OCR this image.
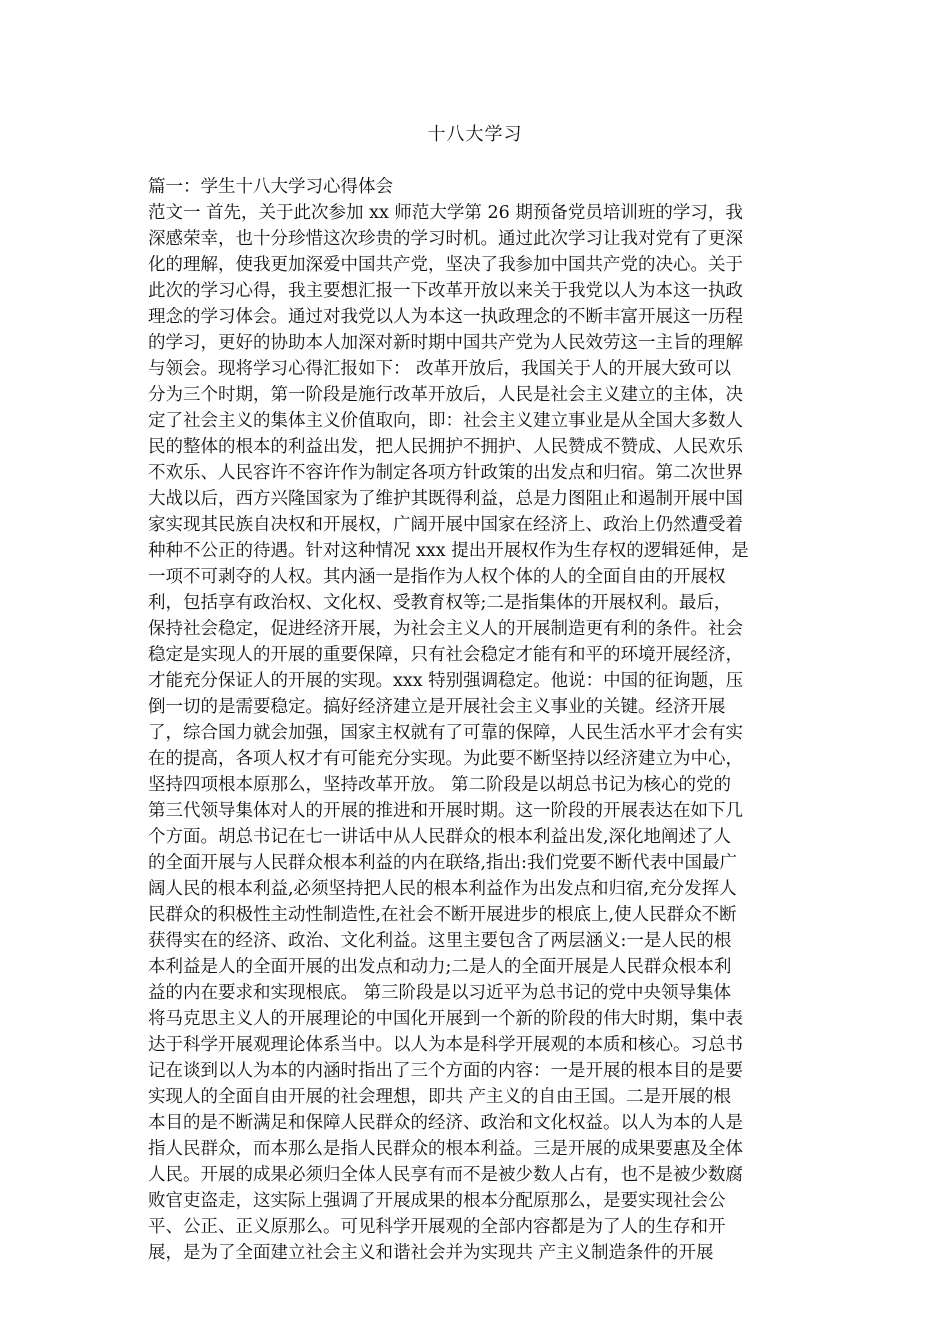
十八大学习
篇一：学生十八大学习心得体会
范文一 首先，关于此次参加 xx 师范大学第 26 期预备党员培训班的学习，我
深感荣幸，也十分珍惜这次珍贵的学习时机。通过此次学习让我对党有了更深
化的理解，使我更加深爱中国共产党，坚决了我参加中国共产党的决心。关于
此次的学习心得，我主要想汇报一下改革开放以来关于我党以人为本这一执政
理念的学习体会。通过对我党以人为本这一执政理念的不断丰富开展这一历程
的学习，更好的协助本人加深对新时期中国共产党为人民效劳这一主旨的理解
与领会。现将学习心得汇报如下： 改革开放后，我国关于人的开展大致可以
分为三个时期，第一阶段是施行改革开放后，人民是社会主义建立的主体，决
定了社会主义的集体主义价值取向，即：社会主义建立事业是从全国大多数人
民的整体的根本的利益出发，把人民拥护不拥护、人民赞成不赞成、人民欢乐
不欢乐、人民容许不容许作为制定各项方针政策的出发点和归宿。第二次世界
大战以后，西方兴隆国家为了维护其既得利益，总是力图阻止和遏制开展中国
家实现其民族自决权和开展权，广阔开展中国家在经济上、政治上仍然遭受着
种种不公正的待遇。针对这种情况 xxx 提出开展权作为生存权的逻辑延伸，是
一项不可剥夺的人权。其内涵一是指作为人权个体的人的全面自由的开展权
利，包括享有政治权、文化权、受教育权等;二是指集体的开展权利。最后，
保持社会稳定，促进经济开展，为社会主义人的开展制造更有利的条件。社会
稳定是实现人的开展的重要保障，只有社会稳定才能有和平的环境开展经济，
才能充分保证人的开展的实现。xxx 特别强调稳定。他说：中国的征询题，压
倒一切的是需要稳定。搞好经济建立是开展社会主义事业的关键。经济开展
了，综合国力就会加强，国家主权就有了可靠的保障，人民生活水平才会有实
在的提高，各项人权才有可能充分实现。为此要不断坚持以经济建立为中心，
坚持四项根本原那么，坚持改革开放。 第二阶段是以胡总书记为核心的党的
第三代领导集体对人的开展的推进和开展时期。这一阶段的开展表达在如下几
个方面。胡总书记在七一讲话中从人民群众的根本利益出发,深化地阐述了人
的全面开展与人民群众根本利益的内在联络,指出:我们党要不断代表中国最广
阔人民的根本利益,必须坚持把人民的根本利益作为出发点和归宿,充分发挥人
民群众的积极性主动性制造性,在社会不断开展进步的根底上,使人民群众不断
获得实在的经济、政治、文化利益。这里主要包含了两层涵义:一是人民的根
本利益是人的全面开展的出发点和动力;二是人的全面开展是人民群众根本利
益的内在要求和实现根底。 第三阶段是以习近平为总书记的党中央领导集体
将马克思主义人的开展理论的中国化开展到一个新的阶段的伟大时期，集中表
达于科学开展观理论体系当中。以人为本是科学开展观的本质和核心。习总书
记在谈到以人为本的内涵时指出了三个方面的内容：一是开展的根本目的是要
实现人的全面自由开展的社会理想，即共 产主义的自由王国。二是开展的根
本目的是不断满足和保障人民群众的经济、政治和文化权益。以人为本的人是
指人民群众，而本那么是指人民群众的根本利益。三是开展的成果要惠及全体
人民。开展的成果必须归全体人民享有而不是被少数人占有，也不是被少数腐
败官吏盗走，这实际上强调了开展成果的根本分配原那么，是要实现社会公
平、公正、正义原那么。可见科学开展观的全部内容都是为了人的生存和开
展，是为了全面建立社会主义和谐社会并为实现共 产主义制造条件的开展
